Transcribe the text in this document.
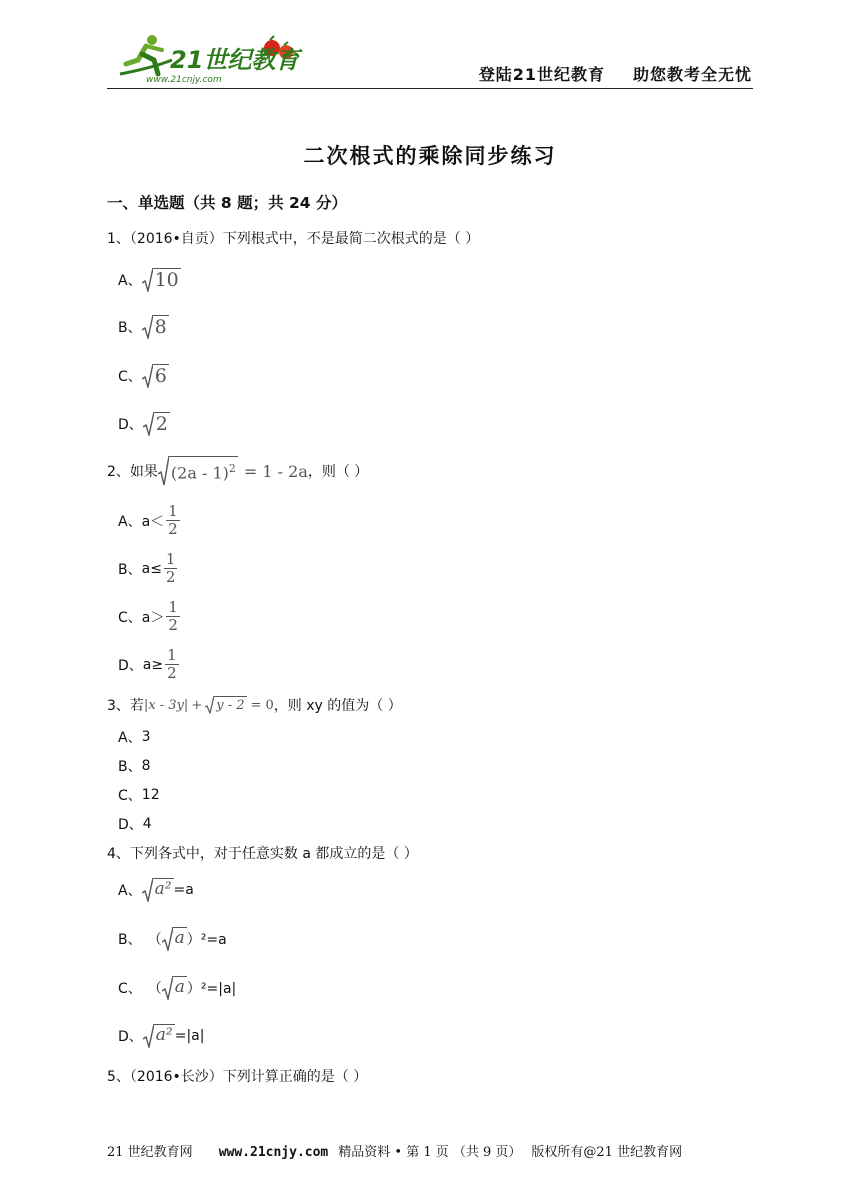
21世纪教育
www.21cnjy.com	登陆21世纪教育 助您教考全无忧
二次根式的乘除同步练习
一、单选题（共 8 题；共 24 分）
1、（2016•自贡）下列根式中，不是最简二次根式的是（ ）
A、 10
B、 8
C、 6
D、 2
2、如果 (2a - 1)$^2$ = 1 - 2a ，则（ ）
A、 $a< \frac{1}{2}$
B、 $a\le \frac{1}{2}$
C、 $a> \frac{1}{2}$
D、 $a\ge \frac{1}{2}$
3、若 |x - 3y| + y - 2 = 0 ，则 xy 的值为（ ）
A、 3
B、 8
C、 12
D、 4
4、下列各式中，对于任意实数 a 都成立的是（ ）
A、 a² =a
B、 （ a ）²=a
C、 （ a ）²=|a|
D、 a² =|a|
5、（2016•长沙）下列计算正确的是（ ）
21 世纪教育网 www.21cnjy.com 精品资料 • 第 1 页 （共 9 页） 版权所有@21 世纪教育网
